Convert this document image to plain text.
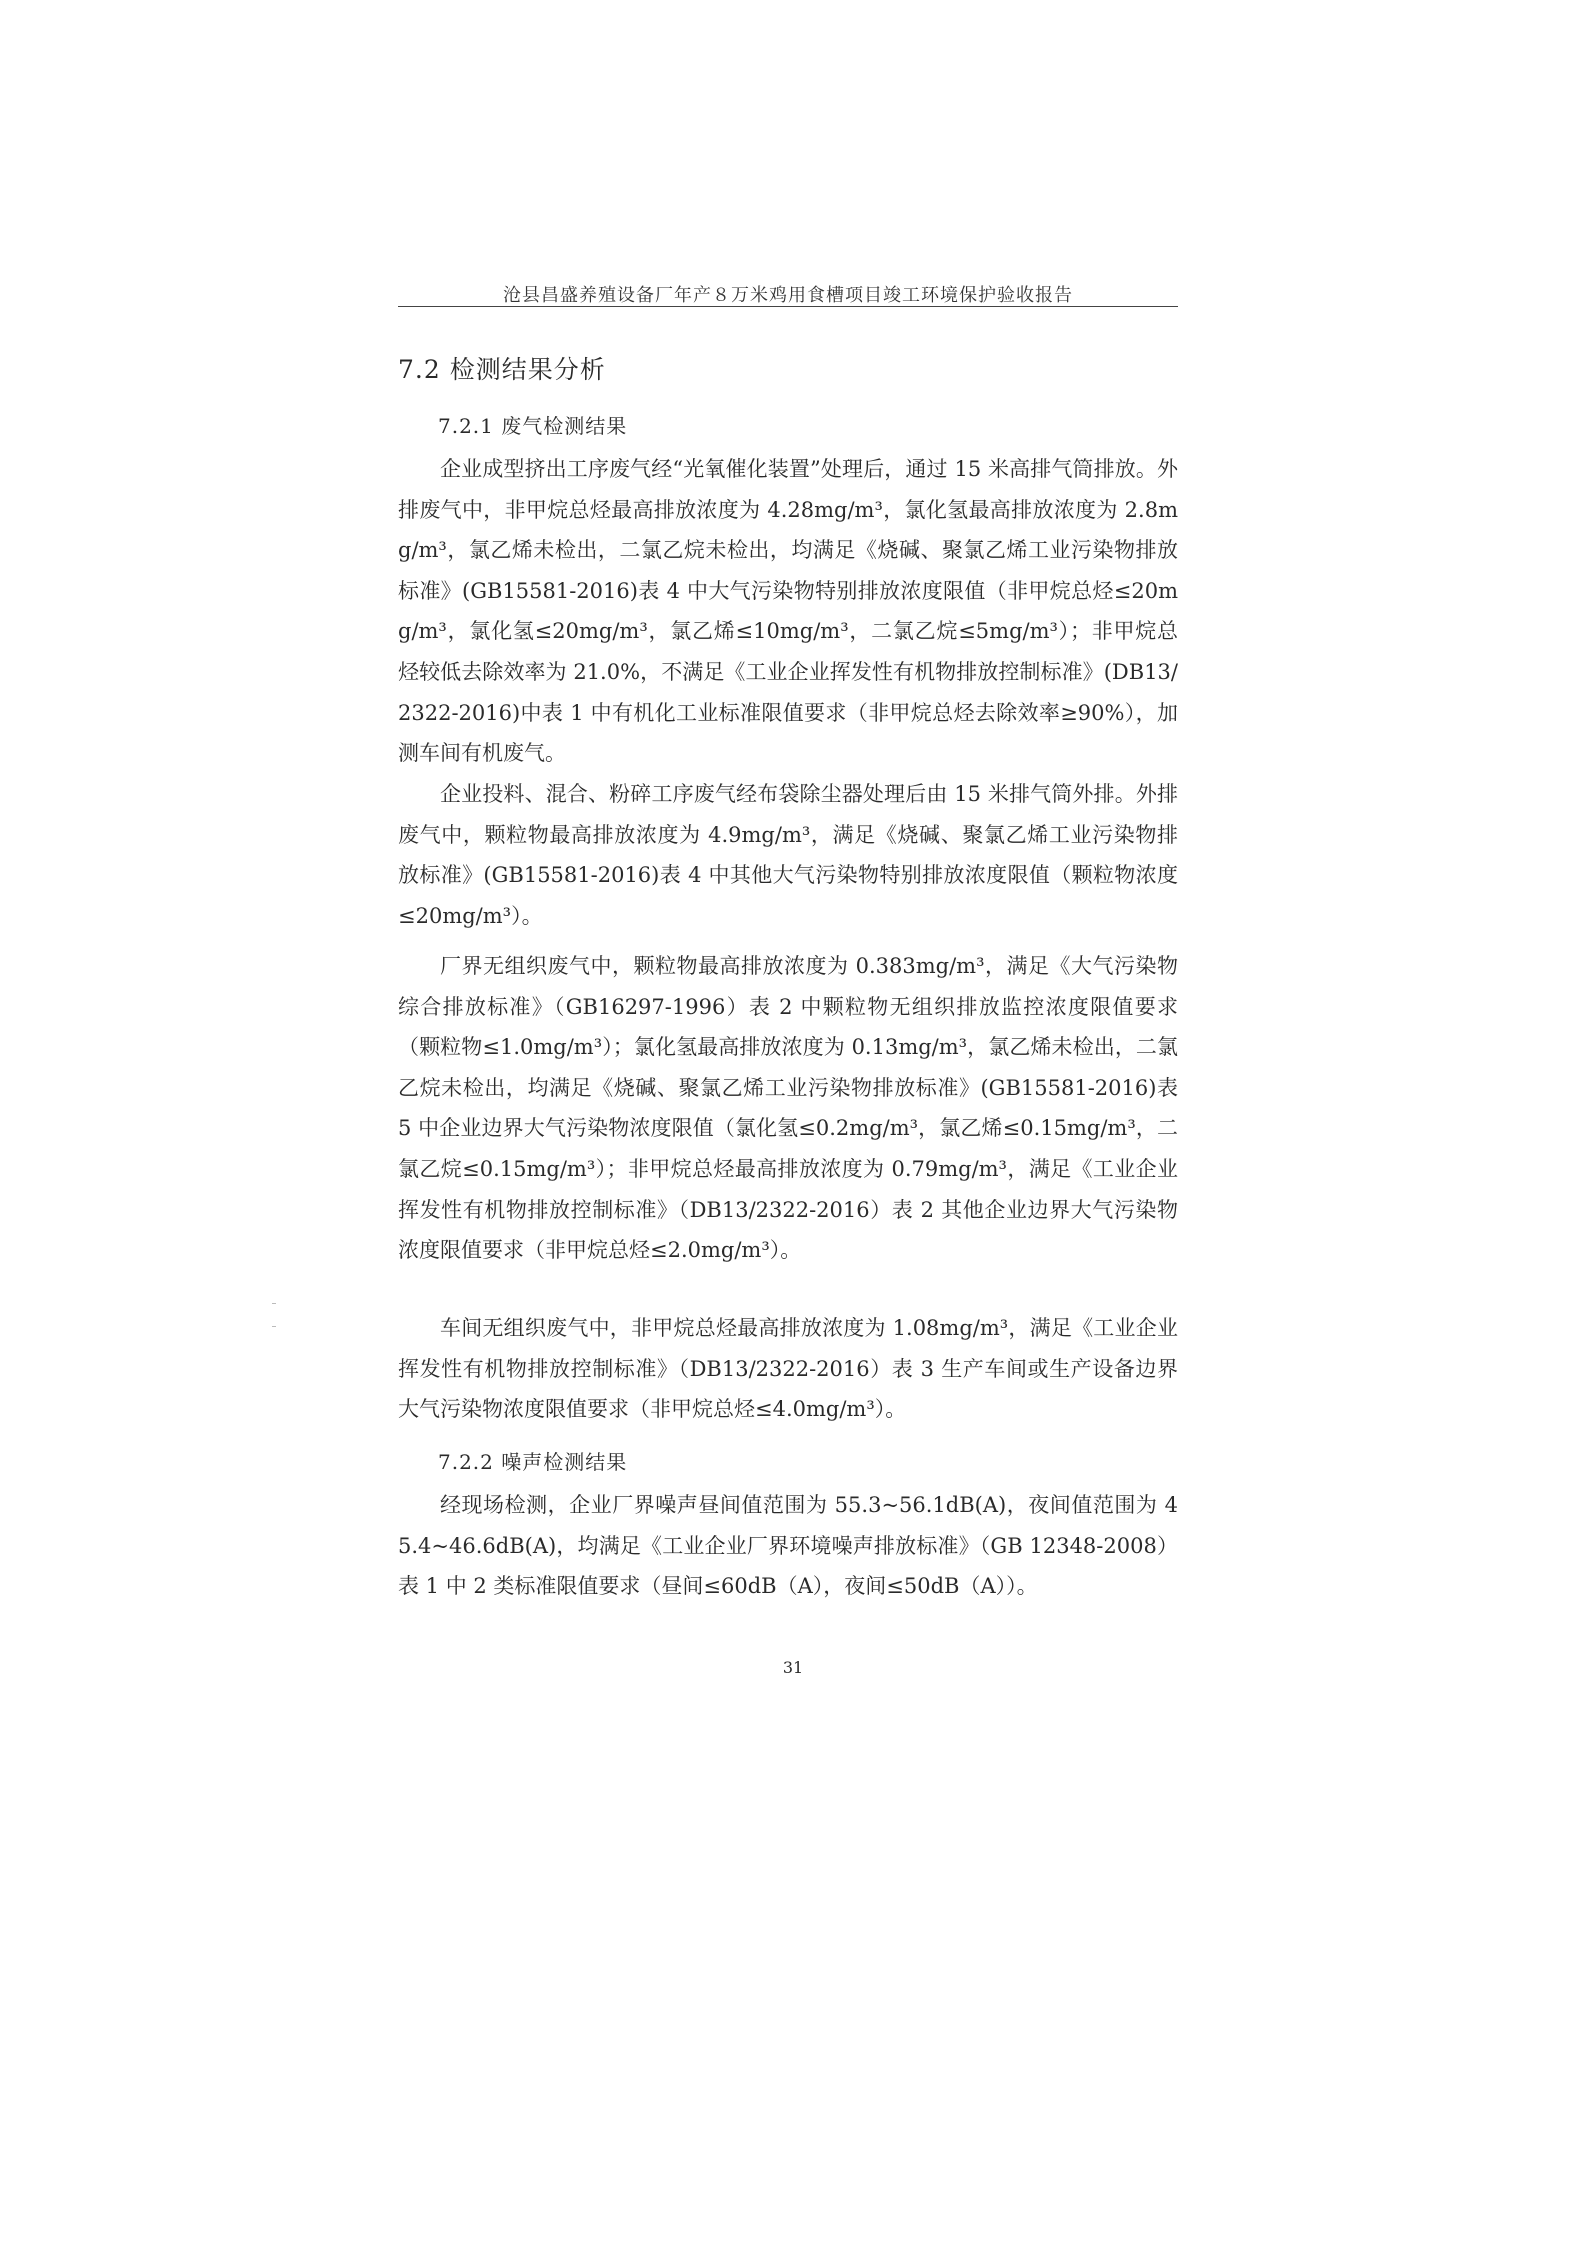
沧县昌盛养殖设备厂年产８万米鸡用食槽项目竣工环境保护验收报告
7.2 检测结果分析
7.2.1 废气检测结果

企业成型挤出工序废气经“光氧催化装置”处理后，通过 15 米高排气筒排放。外排废气中，非甲烷总烃最高排放浓度为 4.28mg/m³，氯化氢最高排放浓度为 2.8mg/m³，氯乙烯未检出，二氯乙烷未检出，均满足《烧碱、聚氯乙烯工业污染物排放标准》(GB15581-2016)表 4 中大气污染物特别排放浓度限值（非甲烷总烃≤20mg/m³，氯化氢≤20mg/m³，氯乙烯≤10mg/m³，二氯乙烷≤5mg/m³）；非甲烷总烃较低去除效率为 21.0%，不满足《工业企业挥发性有机物排放控制标准》(DB13/2322-2016)中表 1 中有机化工业标准限值要求（非甲烷总烃去除效率≥90%），加测车间有机废气。

企业投料、混合、粉碎工序废气经布袋除尘器处理后由 15 米排气筒外排。外排废气中，颗粒物最高排放浓度为 4.9mg/m³，满足《烧碱、聚氯乙烯工业污染物排放标准》(GB15581-2016)表 4 中其他大气污染物特别排放浓度限值（颗粒物浓度≤20mg/m³）。

厂界无组织废气中，颗粒物最高排放浓度为 0.383mg/m³，满足《大气污染物综合排放标准》（GB16297-1996）表 2 中颗粒物无组织排放监控浓度限值要求（颗粒物≤1.0mg/m³）；氯化氢最高排放浓度为 0.13mg/m³，氯乙烯未检出，二氯乙烷未检出，均满足《烧碱、聚氯乙烯工业污染物排放标准》(GB15581-2016)表 5 中企业边界大气污染物浓度限值（氯化氢≤0.2mg/m³，氯乙烯≤0.15mg/m³，二氯乙烷≤0.15mg/m³）；非甲烷总烃最高排放浓度为 0.79mg/m³，满足《工业企业挥发性有机物排放控制标准》（DB13/2322-2016）表 2 其他企业边界大气污染物浓度限值要求（非甲烷总烃≤2.0mg/m³）。

车间无组织废气中，非甲烷总烃最高排放浓度为 1.08mg/m³，满足《工业企业挥发性有机物排放控制标准》（DB13/2322-2016）表 3 生产车间或生产设备边界大气污染物浓度限值要求（非甲烷总烃≤4.0mg/m³）。

7.2.2 噪声检测结果

经现场检测，企业厂界噪声昼间值范围为 55.3~56.1dB(A)，夜间值范围为 45.4~46.6dB(A)，均满足《工业企业厂界环境噪声排放标准》（GB 12348-2008）表 1 中 2 类标准限值要求（昼间≤60dB（A），夜间≤50dB（A））。

31
